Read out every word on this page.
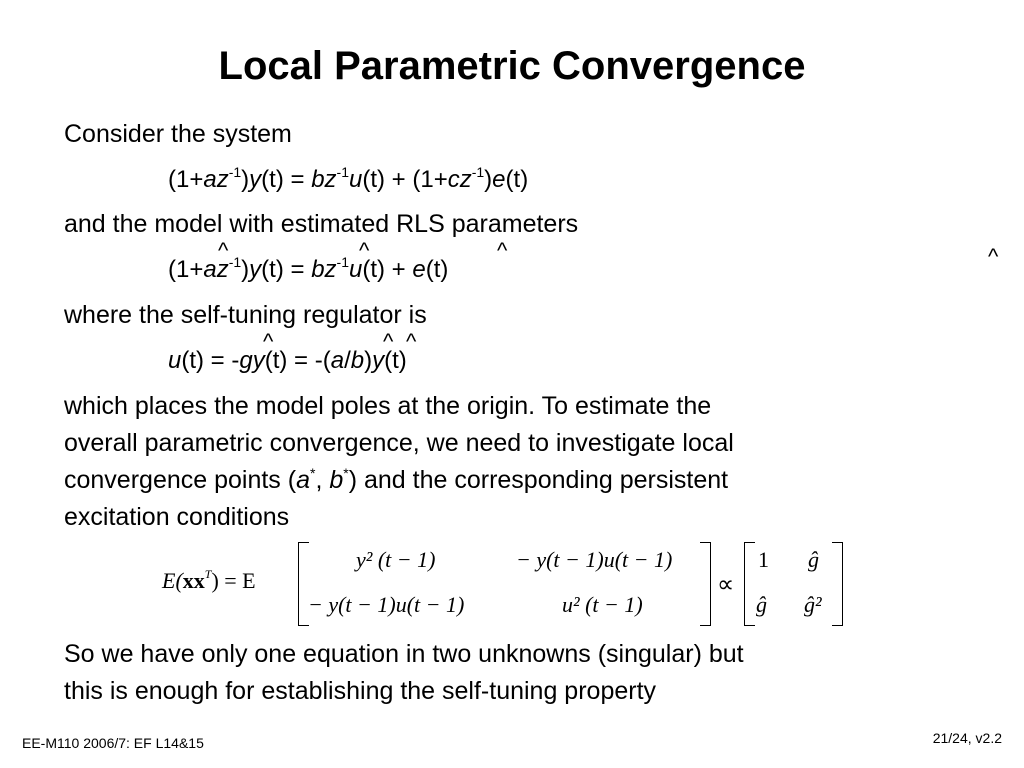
Local Parametric Convergence
Consider the system
$(1+az^{-1})y(t) = bz^{-1}u(t) + (1+cz^{-1})e(t)$
and the model with estimated RLS parameters
^	^	^	^
$(1+az^{-1})y(t) = bz^{-1}u(t) + e(t)$
where the self-tuning regulator is
^	^ ^
u(t) = -gy(t) = -(a/b)y(t)
which places the model poles at the origin. To estimate the
overall parametric convergence, we need to investigate local
convergence points (a*, b*) and the corresponding persistent
excitation conditions
$E(xx^T) = E$
y² (t − 1)	− y(t − 1)u(t − 1)
− y(t − 1)u(t − 1)	u² (t − 1)
∝
1 ĝ
ĝ ĝ²
So we have only one equation in two unknowns (singular) but
this is enough for establishing the self-tuning property
EE-M110 2006/7: EF L14&15	21/24, v2.2
